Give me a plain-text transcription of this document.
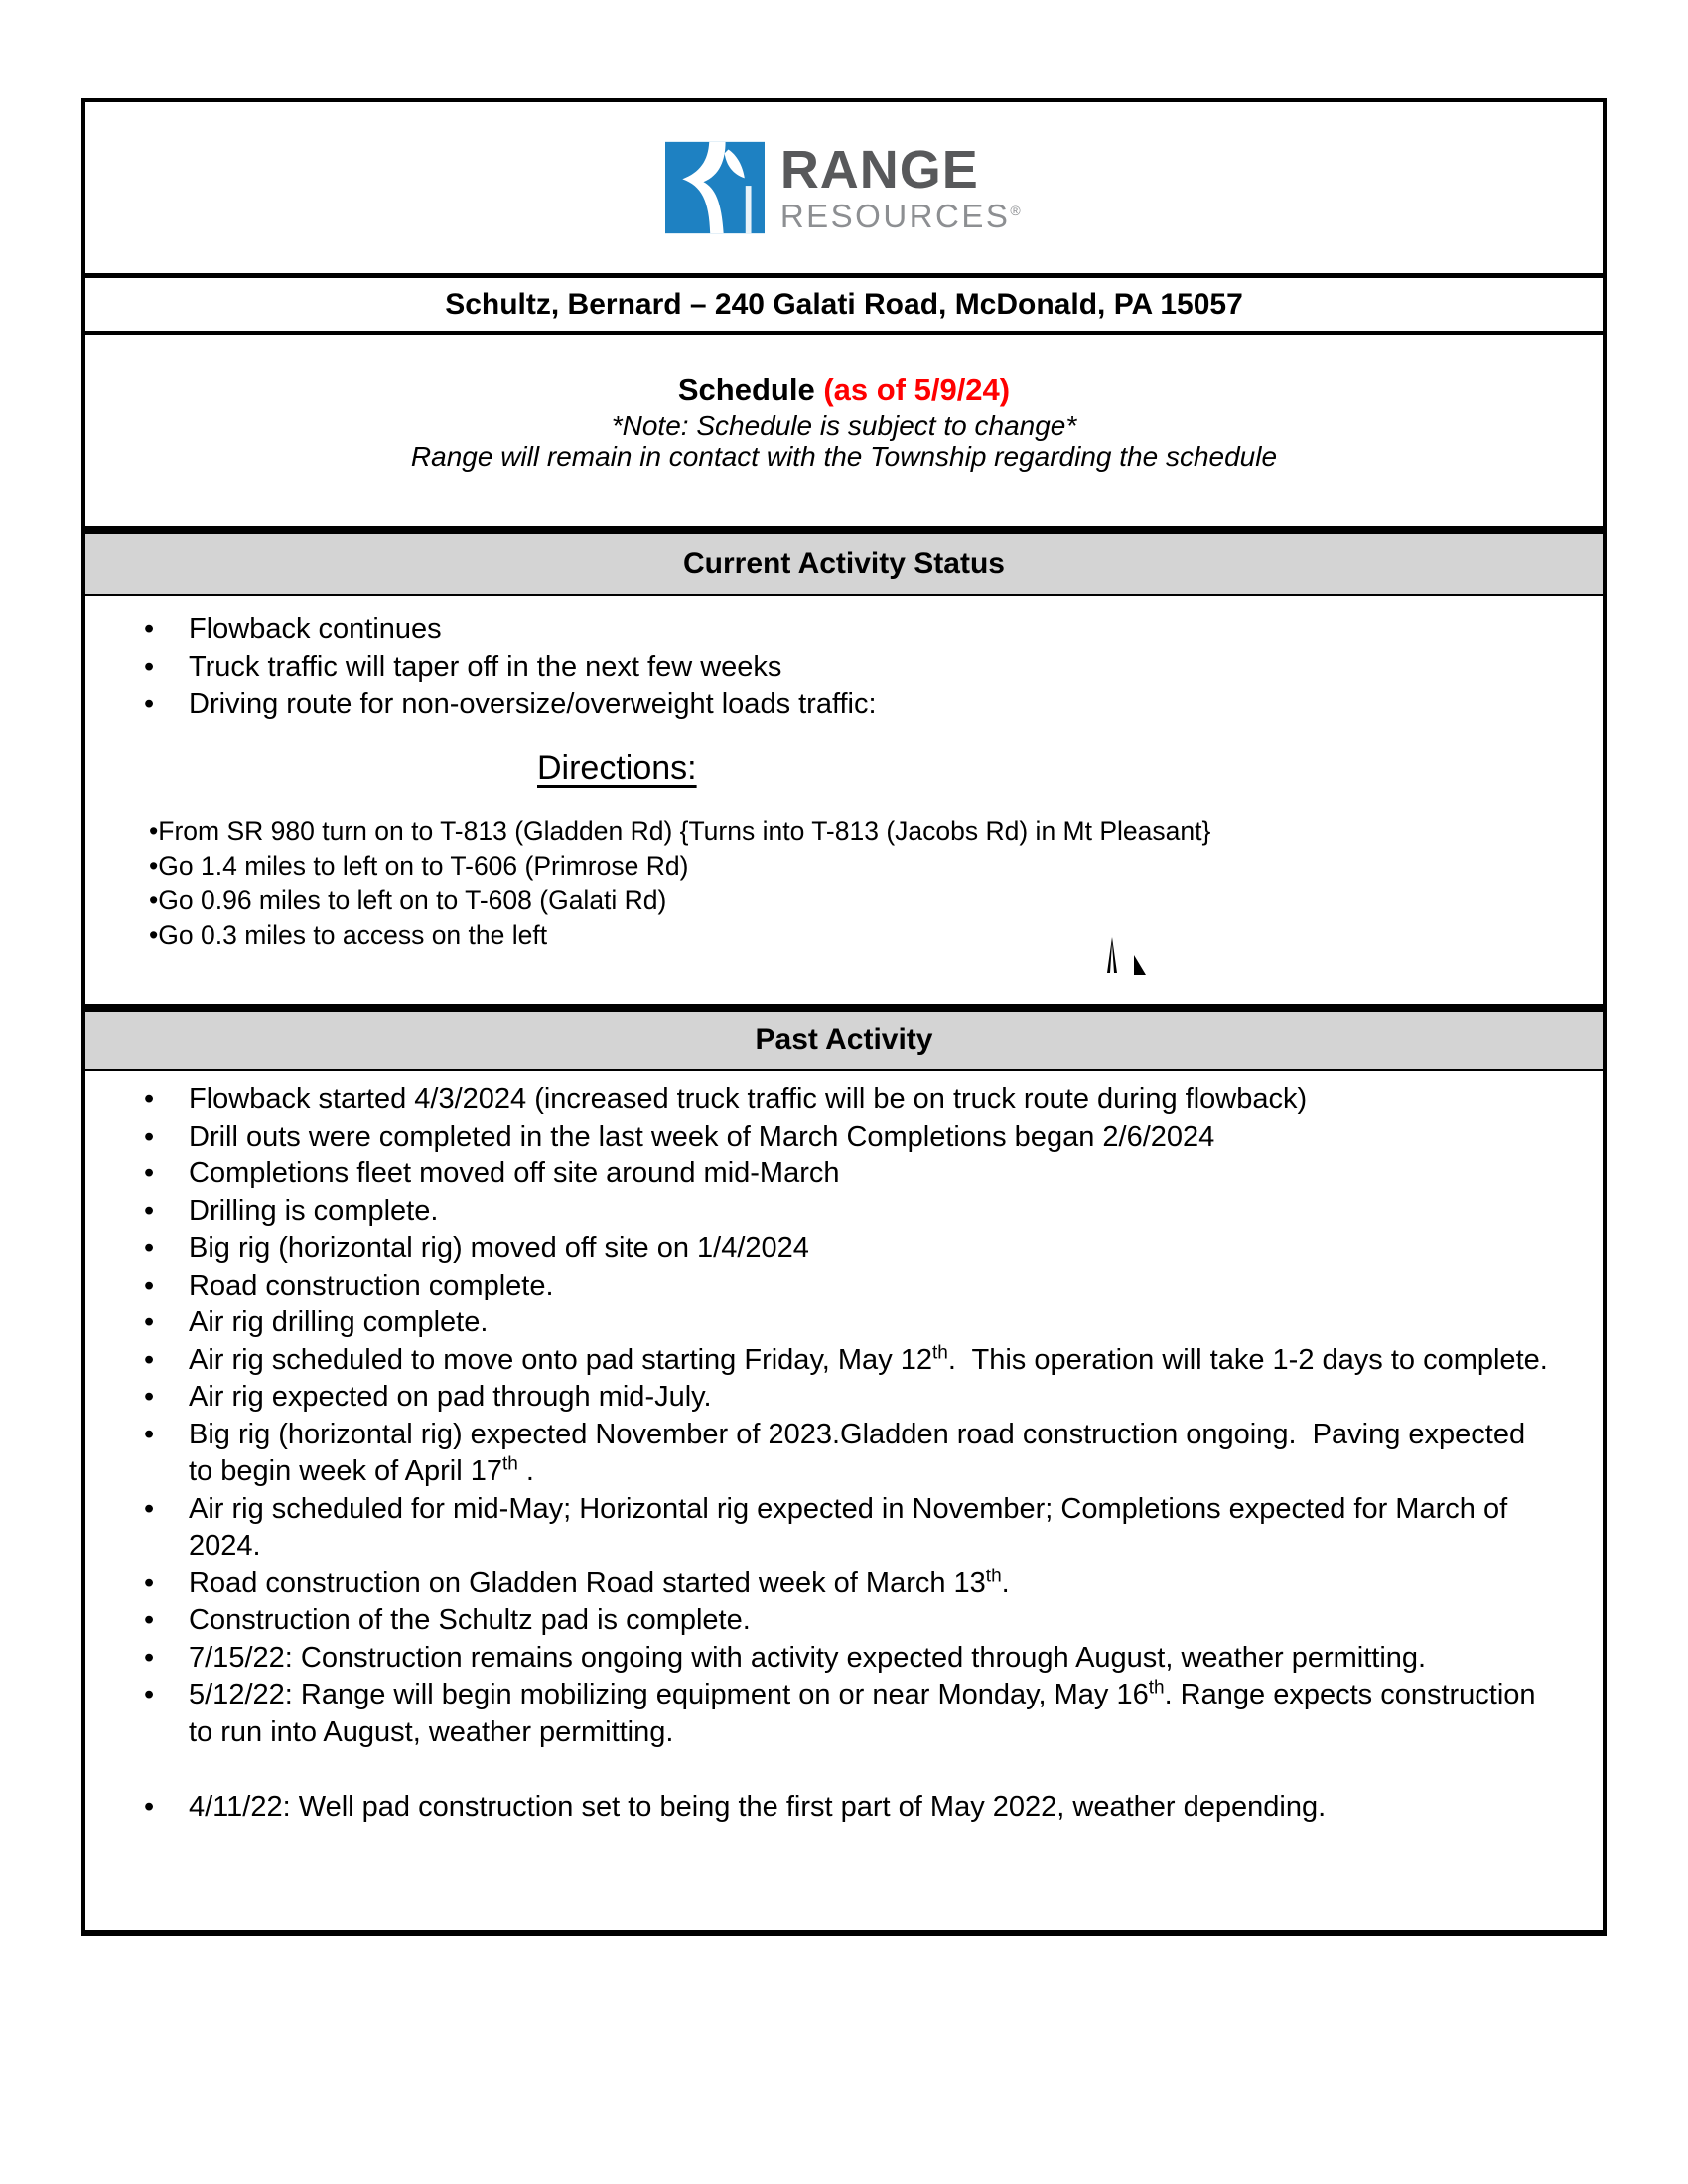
RANGE
RESOURCES®
Schultz, Bernard – 240 Galati Road, McDonald, PA 15057
Schedule (as of 5/9/24)
*Note: Schedule is subject to change*
Range will remain in contact with the Township regarding the schedule
Current Activity Status
• Flowback continues
• Truck traffic will taper off in the next few weeks
• Driving route for non-oversize/overweight loads traffic:
Directions:
•From SR 980 turn on to T-813 (Gladden Rd) {Turns into T-813 (Jacobs Rd) in Mt Pleasant}
•Go 1.4 miles to left on to T-606 (Primrose Rd)
•Go 0.96 miles to left on to T-608 (Galati Rd)
•Go 0.3 miles to access on the left
Past Activity
• Flowback started 4/3/2024 (increased truck traffic will be on truck route during flowback)
• Drill outs were completed in the last week of March Completions began 2/6/2024
• Completions fleet moved off site around mid-March
• Drilling is complete.
• Big rig (horizontal rig) moved off site on 1/4/2024
• Road construction complete.
• Air rig drilling complete.
• Air rig scheduled to move onto pad starting Friday, May 12th.  This operation will take 1-2 days to complete.
• Air rig expected on pad through mid-July.
• Big rig (horizontal rig) expected November of 2023.Gladden road construction ongoing.  Paving expected to begin week of April 17th .
• Air rig scheduled for mid-May; Horizontal rig expected in November; Completions expected for March of 2024.
• Road construction on Gladden Road started week of March 13th.
• Construction of the Schultz pad is complete.
• 7/15/22: Construction remains ongoing with activity expected through August, weather permitting.
• 5/12/22: Range will begin mobilizing equipment on or near Monday, May 16th. Range expects construction to run into August, weather permitting.
• 4/11/22: Well pad construction set to being the first part of May 2022, weather depending.
